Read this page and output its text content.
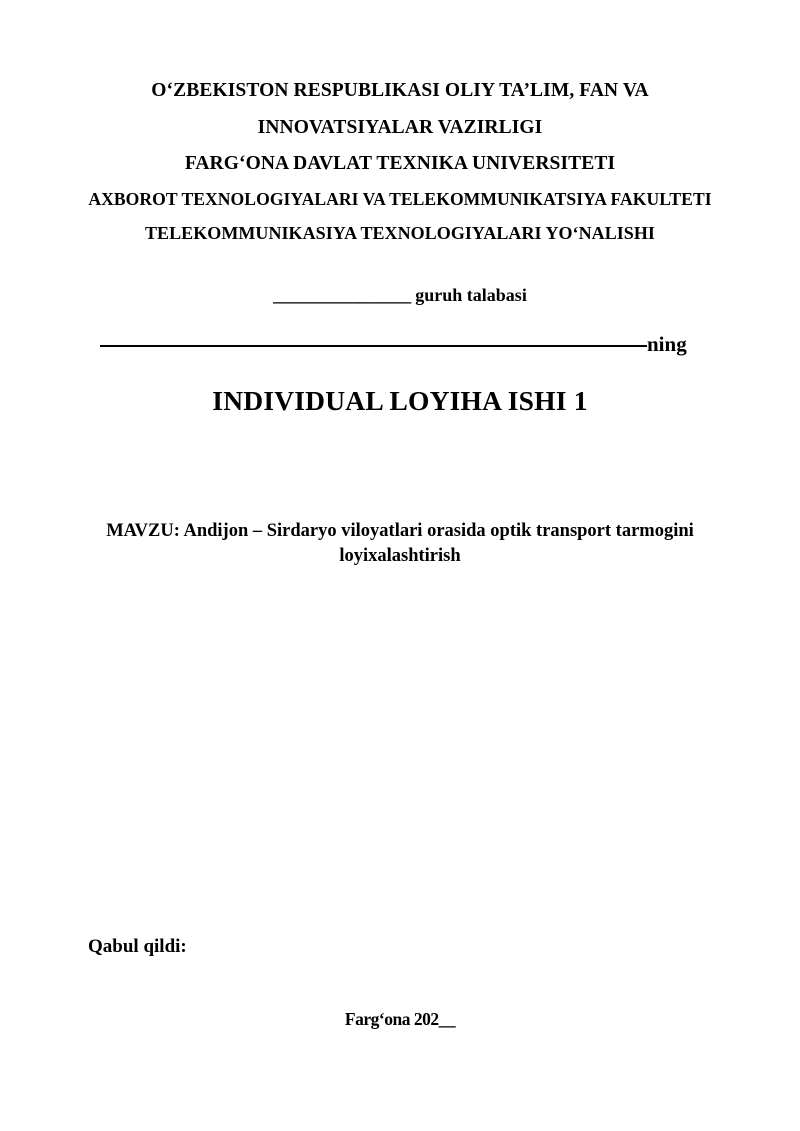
O‘ZBEKISTON RESPUBLIKASI OLIY TA’LIM, FAN VA
INNOVATSIYALAR VAZIRLIGI
FARG‘ONA DAVLAT TEXNIKA UNIVERSITETI
AXBOROT TEXNOLOGIYALARI VA TELEKOMMUNIKATSIYA FAKULTETI
TELEKOMMUNIKASIYA TEXNOLOGIYALARI YO‘NALISHI
________________ guruh talabasi
ning
INDIVIDUAL LOYIHA ISHI 1
MAVZU: Andijon – Sirdaryo viloyatlari orasida optik transport tarmogini loyixalashtirish
Qabul qildi:
Farg‘ona 202__
